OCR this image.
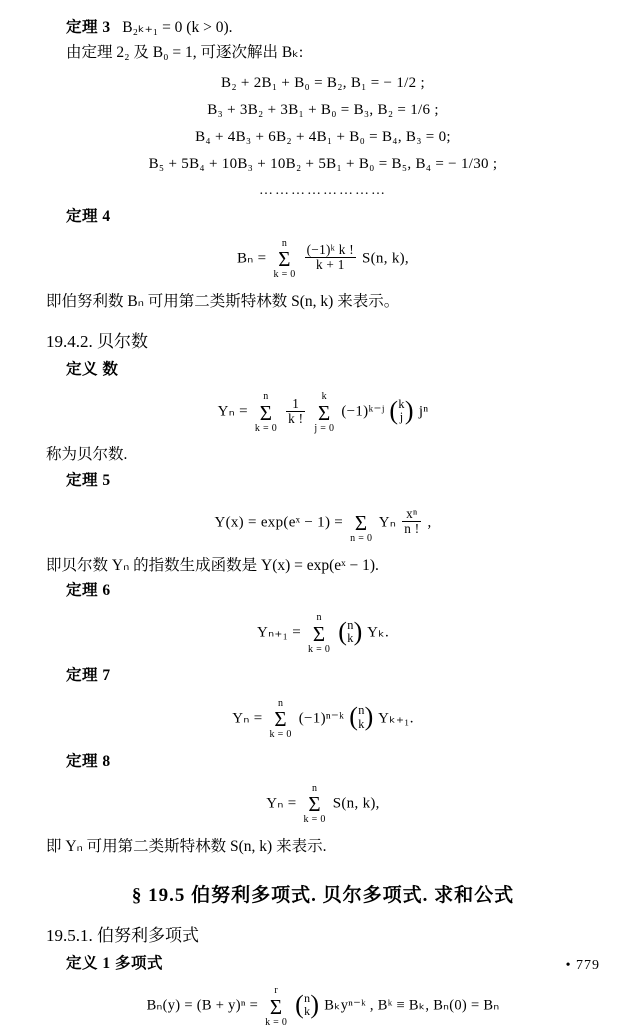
定理 3 B₂ₖ₊₁ = 0 (k > 0).

由定理 2₂ 及 B₀ = 1, 可逐次解出 Bₖ:

B₂ + 2B₁ + B₀ = B₂, B₁ = − 1/2 ;

B₃ + 3B₂ + 3B₁ + B₀ = B₃, B₂ = 1/6 ;

B₄ + 4B₃ + 6B₂ + 4B₁ + B₀ = B₄, B₃ = 0;

B₅ + 5B₄ + 10B₃ + 10B₂ + 5B₁ + B₀ = B₅, B₄ = − 1/30 ;

……………………

定理 4

Bₙ =
n
Σ
k = 0

$\frac{\text{(−1)ᵏ k !}}{k + 1} S(n$, k),

即伯努利数 Bₙ 可用第二类斯特林数 S(n, k) 来表示。

19.4.2. 贝尔数

定义 数

Yₙ =
n
Σ
k = 0

$\frac{1}{k !}$

k
Σ
j = 0
(−1)ᵏ⁻ʲ ( k
j ) jⁿ

称为贝尔数.

定理 5

Y(x) = exp(eˣ − 1) =
Σ
n = 0
Yₙ $\frac{\text{xⁿ}}{n !}$ ,

即贝尔数 Yₙ 的指数生成函数是 Y(x) = exp(eˣ − 1).

定理 6

Yₙ₊₁ =
n
Σ
k = 0
( n
k ) Yₖ.

定理 7

Yₙ =
n
Σ
k = 0
(−1)ⁿ⁻ᵏ ( n
k ) Yₖ₊₁.

定理 8

Yₙ =
n
Σ
k = 0
S(n, k),

即 Yₙ 可用第二类斯特林数 S(n, k) 来表示.

§ 19.5 伯努利多项式. 贝尔多项式. 求和公式

19.5.1. 伯努利多项式

定义 1 多项式

Bₙ(y) = (B + y)ⁿ =
r
Σ
k = 0
( n
k ) Bₖyⁿ⁻ᵏ , Bᵏ ≡ Bₖ, Bₙ(0) = Bₙ

• 779
